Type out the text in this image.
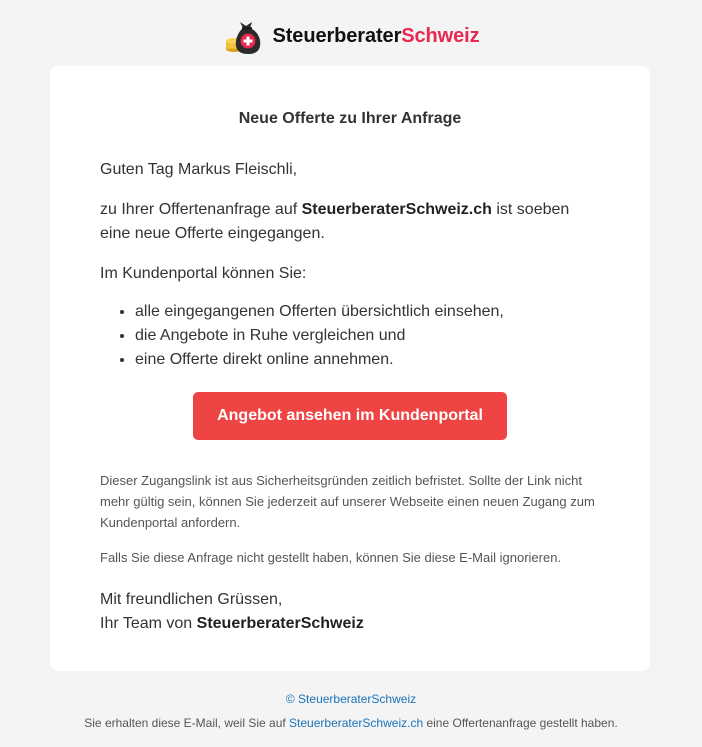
SteuerberaterSchweiz
Neue Offerte zu Ihrer Anfrage
Guten Tag Markus Fleischli,
zu Ihrer Offertenanfrage auf SteuerberaterSchweiz.ch ist soeben eine neue Offerte eingegangen.
Im Kundenportal können Sie:
• alle eingegangenen Offerten übersichtlich einsehen,
• die Angebote in Ruhe vergleichen und
• eine Offerte direkt online annehmen.
Angebot ansehen im Kundenportal
Dieser Zugangslink ist aus Sicherheitsgründen zeitlich befristet. Sollte der Link nicht mehr gültig sein, können Sie jederzeit auf unserer Webseite einen neuen Zugang zum Kundenportal anfordern.
Falls Sie diese Anfrage nicht gestellt haben, können Sie diese E-Mail ignorieren.
Mit freundlichen Grüssen,
Ihr Team von SteuerberaterSchweiz
© SteuerberaterSchweiz
Sie erhalten diese E-Mail, weil Sie auf SteuerberaterSchweiz.ch eine Offertenanfrage gestellt haben.
